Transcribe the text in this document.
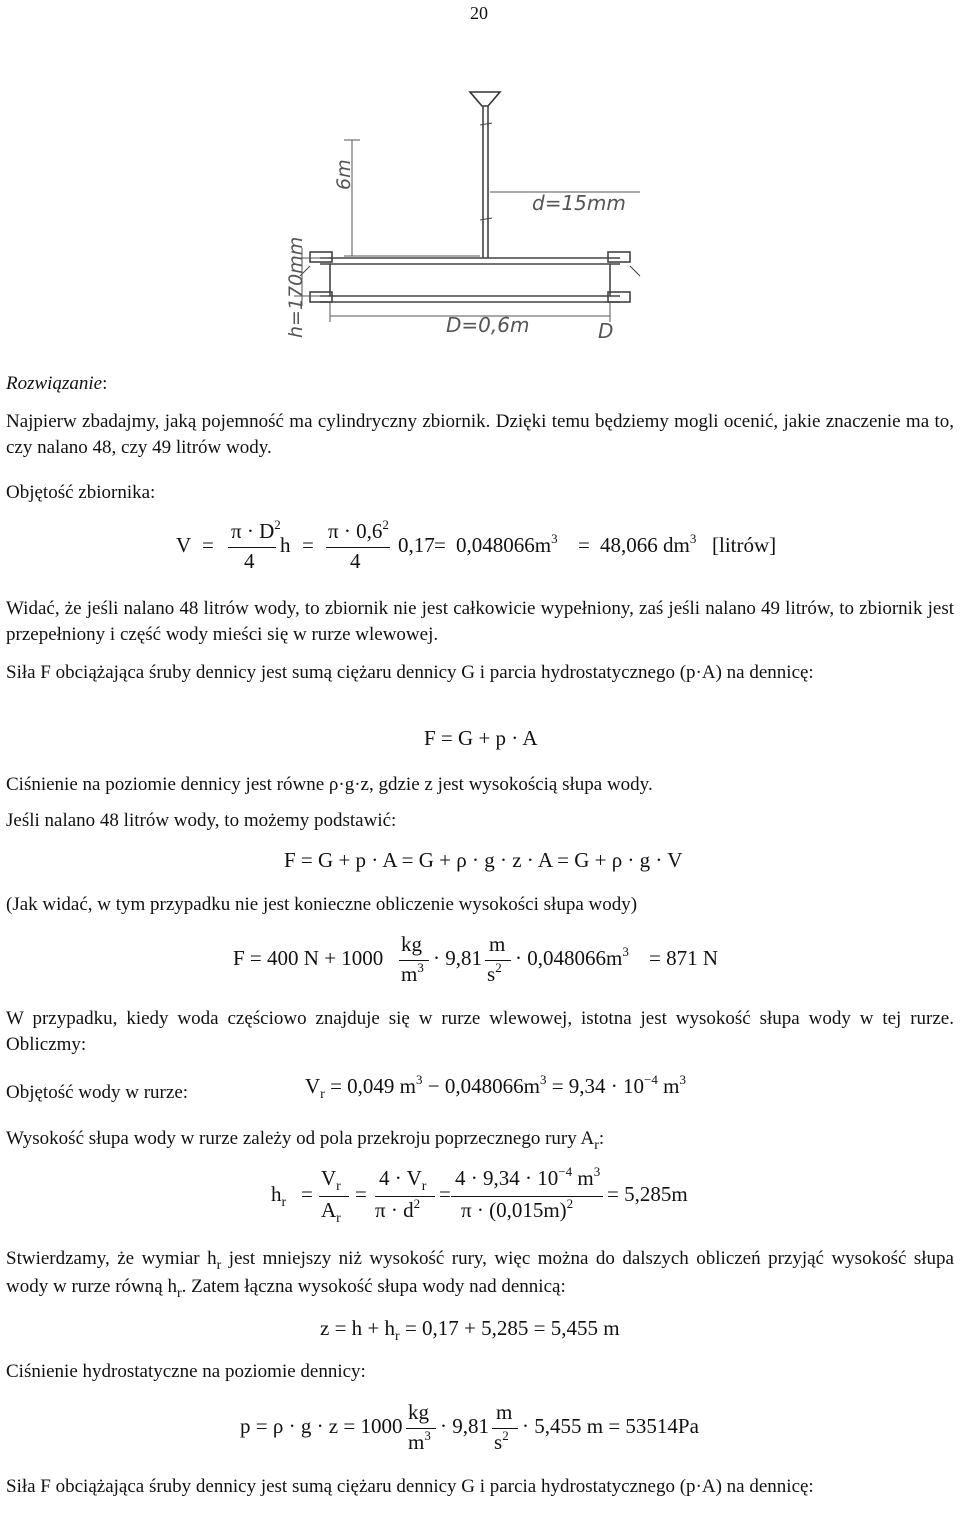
20
h=170mm
6m
d=15mm
D=0,6m	D
Rozwiązanie:
Najpierw zbadajmy, jaką pojemność ma cylindryczny zbiornik. Dzięki temu będziemy mogli ocenić, jakie znaczenie ma to, czy nalano 48, czy 49 litrów wody.
Objętość zbiornika:
V =
$\pi \cdot D^2$
4
h =
$\pi \cdot 0,6^2$
4
$0,17 = 0,048066m^3 = 48,066$ $dm^3$ [litrów]
Widać, że jeśli nalano 48 litrów wody, to zbiornik nie jest całkowicie wypełniony, zaś jeśli nalano 49 litrów, to zbiornik jest przepełniony i część wody mieści się w rurze wlewowej.
Siła F obciążająca śruby dennicy jest sumą ciężaru dennicy G i parcia hydrostatycznego (p·A) na dennicę:
F = G + p · A
Ciśnienie na poziomie dennicy jest równe ρ·g·z, gdzie z jest wysokością słupa wody.
Jeśli nalano 48 litrów wody, to możemy podstawić:
F = G + p · A = G + ρ · g · z · A = G + ρ · g · V
(Jak widać, w tym przypadku nie jest konieczne obliczenie wysokości słupa wody)
F = 400 N + 1000
kg
$m^3 \cdot 9,81$
m
$s^2 \cdot 0,048066m^3 = 871$ N
W przypadku, kiedy woda częściowo znajduje się w rurze wlewowej, istotna jest wysokość słupa wody w tej rurze. Obliczmy:
Objętość wody w rurze:	$V_r = 0,049$ $m^3 - 0,048066m^3 = 9,34 \cdot 10^{-4}$ $m^3$
Wysokość słupa wody w rurze zależy od pola przekroju poprzecznego rury $A_r$:
$h_r$ =
$V_r$
$A_r$
=
$4 \cdot V_r$
$\pi \cdot d^2$ =
$4 \cdot 9,34 \cdot 10^{-4}$ $m^3$
$\pi \cdot (0,015m)^2 = 5,285m$
Stwierdzamy, że wymiar $h_r$ jest mniejszy niż wysokość rury, więc można do dalszych obliczeń przyjąć wysokość słupa wody w rurze równą $h_r$. Zatem łączna wysokość słupa wody nad dennicą:
$z = h + h_r = 0,17 + 5,285 = 5,455$ m
Ciśnienie hydrostatyczne na poziomie dennicy:
p = ρ · g · z = 1000
kg
$m^3 \cdot 9,81$
m
$s^2 \cdot 5,455$ m = 53514Pa
Siła F obciążająca śruby dennicy jest sumą ciężaru dennicy G i parcia hydrostatycznego (p·A) na dennicę:
